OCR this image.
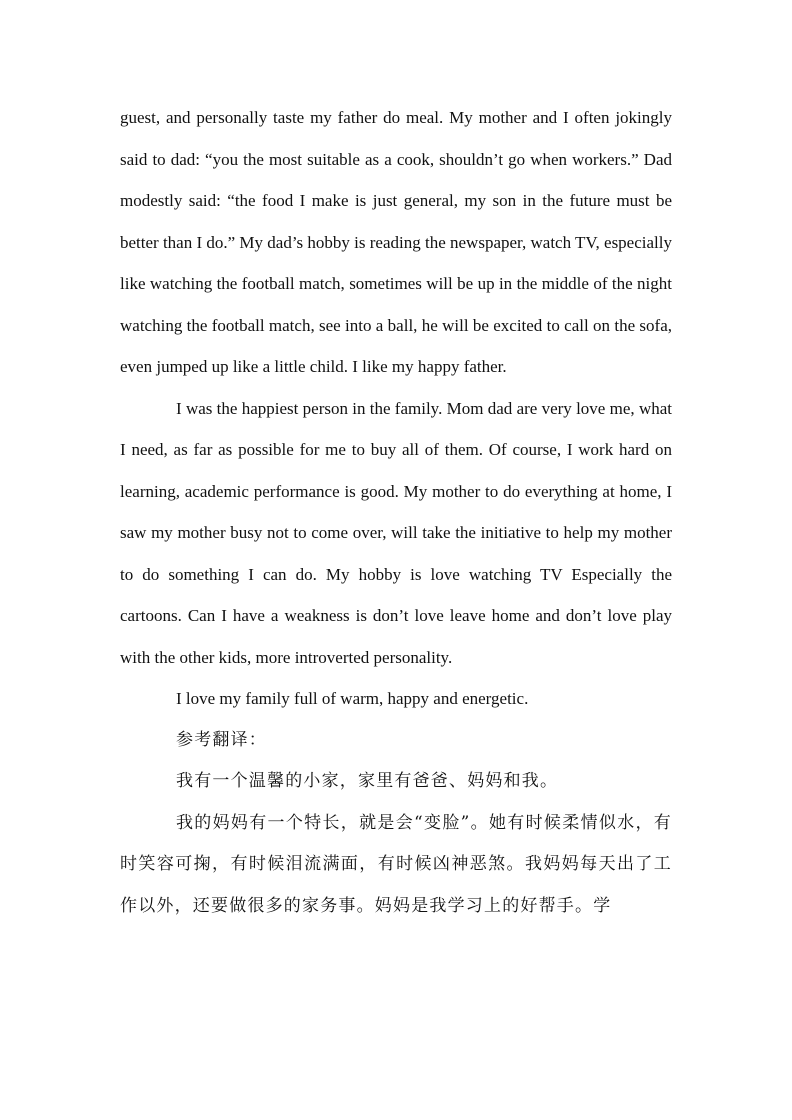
guest, and personally taste my father do meal. My mother and I often jokingly said to dad: “you the most suitable as a cook, shouldn’t go when workers.” Dad modestly said: “the food I make is just general, my son in the future must be better than I do.” My dad’s hobby is reading the newspaper, watch TV, especially like watching the football match, sometimes will be up in the middle of the night watching the football match, see into a ball, he will be excited to call on the sofa, even jumped up like a little child. I like my happy father.

I was the happiest person in the family. Mom dad are very love me, what I need, as far as possible for me to buy all of them. Of course, I work hard on learning, academic performance is good. My mother to do everything at home, I saw my mother busy not to come over, will take the initiative to help my mother to do something I can do. My hobby is love watching TV Especially the cartoons. Can I have a weakness is don’t love leave home and don’t love play with the other kids, more introverted personality.

I love my family full of warm, happy and energetic.

参考翻译：

我有一个温馨的小家，家里有爸爸、妈妈和我。

我的妈妈有一个特长，就是会“变脸”。她有时候柔情似水，有时笑容可掬，有时候泪流满面，有时候凶神恶煞。我妈妈每天出了工作以外，还要做很多的家务事。妈妈是我学习上的好帮手。学
